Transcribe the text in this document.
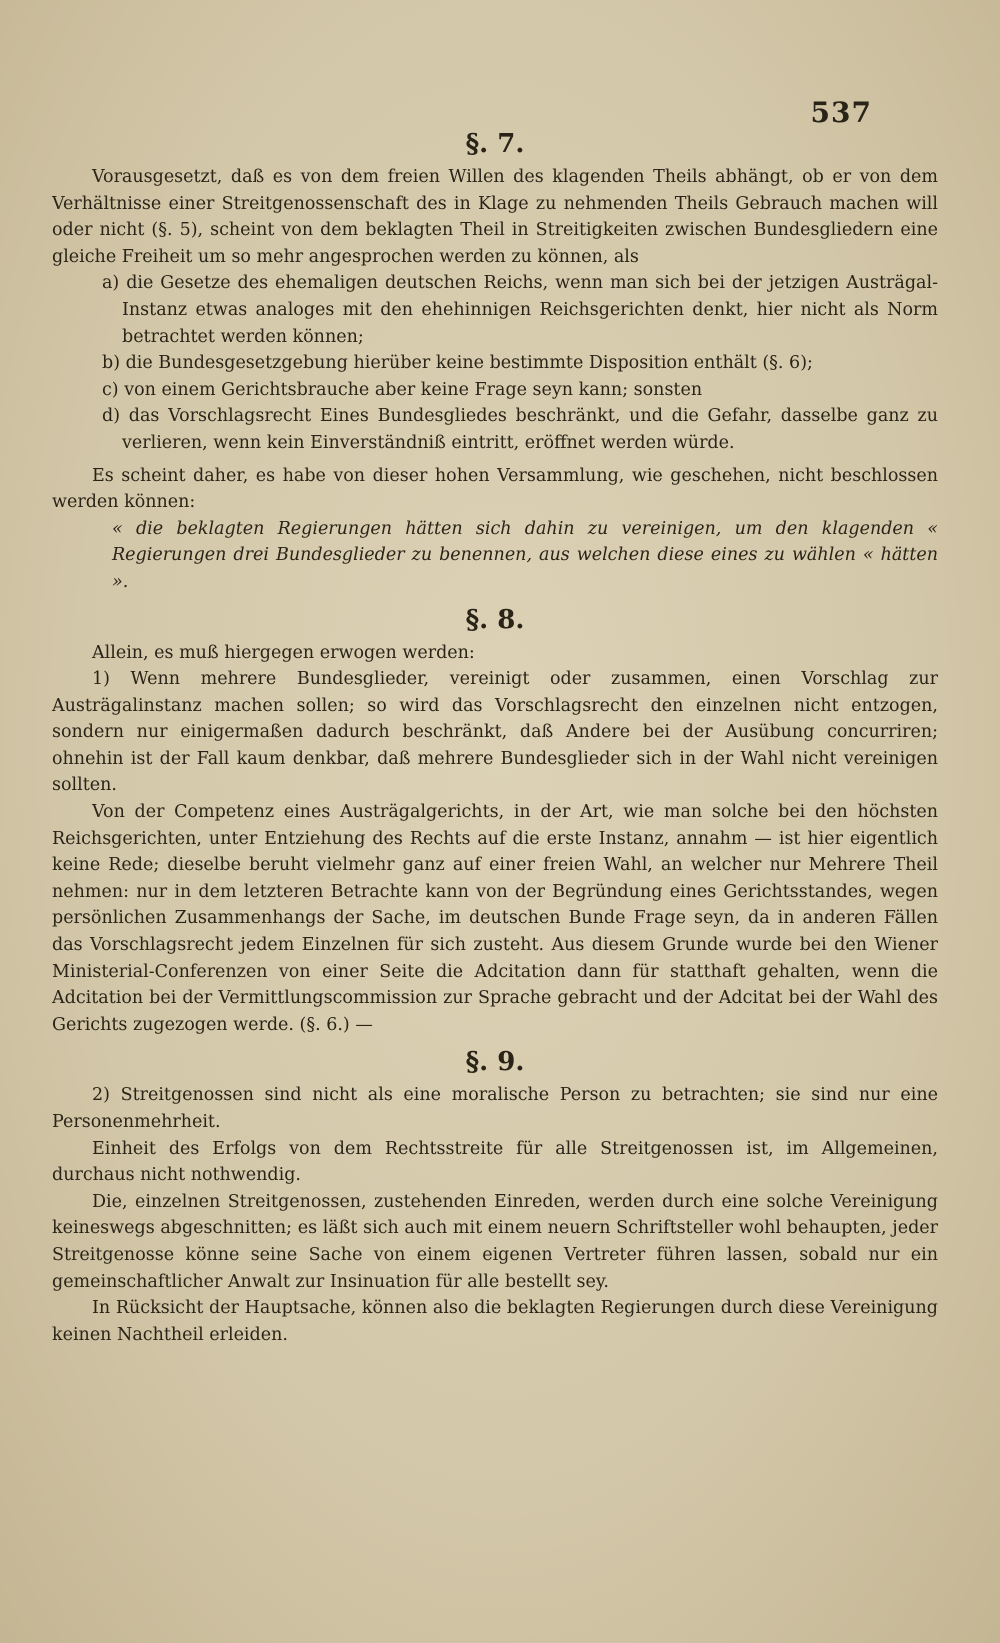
537
§. 7.

Vorausgesetzt, daß es von dem freien Willen des klagenden Theils abhängt, ob er von dem Verhältnisse einer Streitgenossenschaft des in Klage zu nehmenden Theils Gebrauch machen will oder nicht (§. 5), scheint von dem beklagten Theil in Streitigkeiten zwischen Bundesgliedern eine gleiche Freiheit um so mehr angesprochen werden zu können, als

a) die Gesetze des ehemaligen deutschen Reichs, wenn man sich bei der jetzigen Austrägal-Instanz etwas analoges mit den ehehinnigen Reichsgerichten denkt, hier nicht als Norm betrachtet werden können;

b) die Bundesgesetzgebung hierüber keine bestimmte Disposition enthält (§. 6);

c) von einem Gerichtsbrauche aber keine Frage seyn kann; sonsten

d) das Vorschlagsrecht Eines Bundesgliedes beschränkt, und die Gefahr, dasselbe ganz zu verlieren, wenn kein Einverständniß eintritt, eröffnet werden würde.

Es scheint daher, es habe von dieser hohen Versammlung, wie geschehen, nicht beschlossen werden können:

« die beklagten Regierungen hätten sich dahin zu vereinigen, um den klagenden « Regierungen drei Bundesglieder zu benennen, aus welchen diese eines zu wählen « hätten ».

§. 8.

Allein, es muß hiergegen erwogen werden:

1) Wenn mehrere Bundesglieder, vereinigt oder zusammen, einen Vorschlag zur Austrägalinstanz machen sollen; so wird das Vorschlagsrecht den einzelnen nicht entzogen, sondern nur einigermaßen dadurch beschränkt, daß Andere bei der Ausübung concurriren; ohnehin ist der Fall kaum denkbar, daß mehrere Bundesglieder sich in der Wahl nicht vereinigen sollten.

Von der Competenz eines Austrägalgerichts, in der Art, wie man solche bei den höchsten Reichsgerichten, unter Entziehung des Rechts auf die erste Instanz, annahm — ist hier eigentlich keine Rede; dieselbe beruht vielmehr ganz auf einer freien Wahl, an welcher nur Mehrere Theil nehmen: nur in dem letzteren Betrachte kann von der Begründung eines Gerichtsstandes, wegen persönlichen Zusammenhangs der Sache, im deutschen Bunde Frage seyn, da in anderen Fällen das Vorschlagsrecht jedem Einzelnen für sich zusteht. Aus diesem Grunde wurde bei den Wiener Ministerial-Conferenzen von einer Seite die Adcitation dann für statthaft gehalten, wenn die Adcitation bei der Vermittlungscommission zur Sprache gebracht und der Adcitat bei der Wahl des Gerichts zugezogen werde. (§. 6.) —

§. 9.

2) Streitgenossen sind nicht als eine moralische Person zu betrachten; sie sind nur eine Personenmehrheit.

Einheit des Erfolgs von dem Rechtsstreite für alle Streitgenossen ist, im Allgemeinen, durchaus nicht nothwendig.

Die, einzelnen Streitgenossen, zustehenden Einreden, werden durch eine solche Vereinigung keineswegs abgeschnitten; es läßt sich auch mit einem neuern Schriftsteller wohl behaupten, jeder Streitgenosse könne seine Sache von einem eigenen Vertreter führen lassen, sobald nur ein gemeinschaftlicher Anwalt zur Insinuation für alle bestellt sey.

In Rücksicht der Hauptsache, können also die beklagten Regierungen durch diese Vereinigung keinen Nachtheil erleiden.
